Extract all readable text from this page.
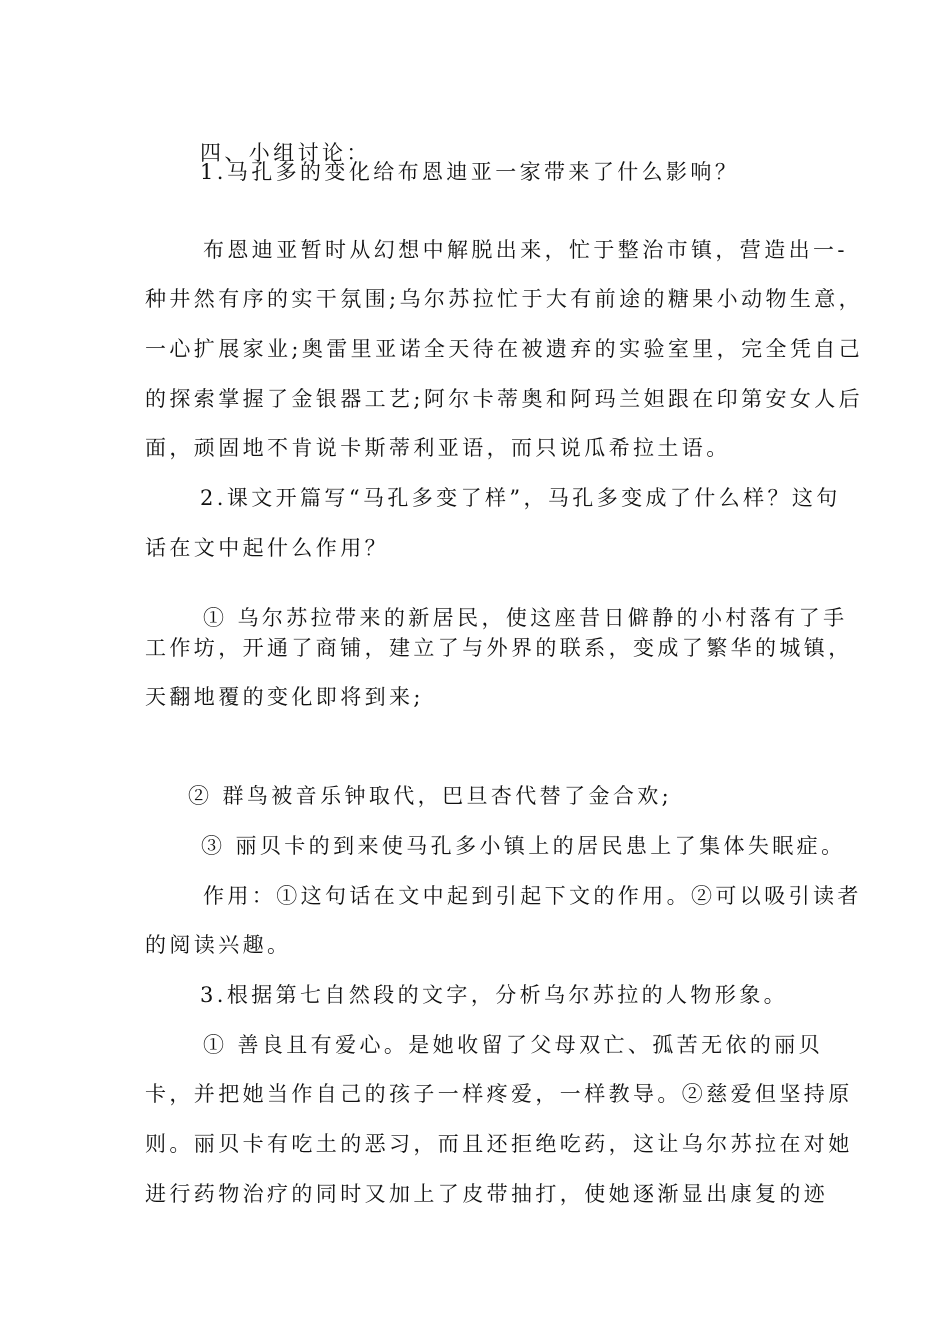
四、小组讨论：
1.马孔多的变化给布恩迪亚一家带来了什么影响？
布恩迪亚暂时从幻想中解脱出来，忙于整治市镇，营造出一-
种井然有序的实干氛围;乌尔苏拉忙于大有前途的糖果小动物生意，
一心扩展家业;奥雷里亚诺全天待在被遗弃的实验室里，完全凭自己
的探索掌握了金银器工艺;阿尔卡蒂奥和阿玛兰妲跟在印第安女人后
面，顽固地不肯说卡斯蒂利亚语，而只说瓜希拉土语。
2.课文开篇写“马孔多变了样”，马孔多变成了什么样？这句
话在文中起什么作用？
① 乌尔苏拉带来的新居民，使这座昔日僻静的小村落有了手
工作坊，开通了商铺，建立了与外界的联系，变成了繁华的城镇，
天翻地覆的变化即将到来;
② 群鸟被音乐钟取代，巴旦杏代替了金合欢;
③ 丽贝卡的到来使马孔多小镇上的居民患上了集体失眠症。
作用：①这句话在文中起到引起下文的作用。②可以吸引读者
的阅读兴趣。
3.根据第七自然段的文字，分析乌尔苏拉的人物形象。
① 善良且有爱心。是她收留了父母双亡、孤苦无依的丽贝
卡，并把她当作自己的孩子一样疼爱，一样教导。②慈爱但坚持原
则。丽贝卡有吃土的恶习，而且还拒绝吃药，这让乌尔苏拉在对她
进行药物治疗的同时又加上了皮带抽打，使她逐渐显出康复的迹
